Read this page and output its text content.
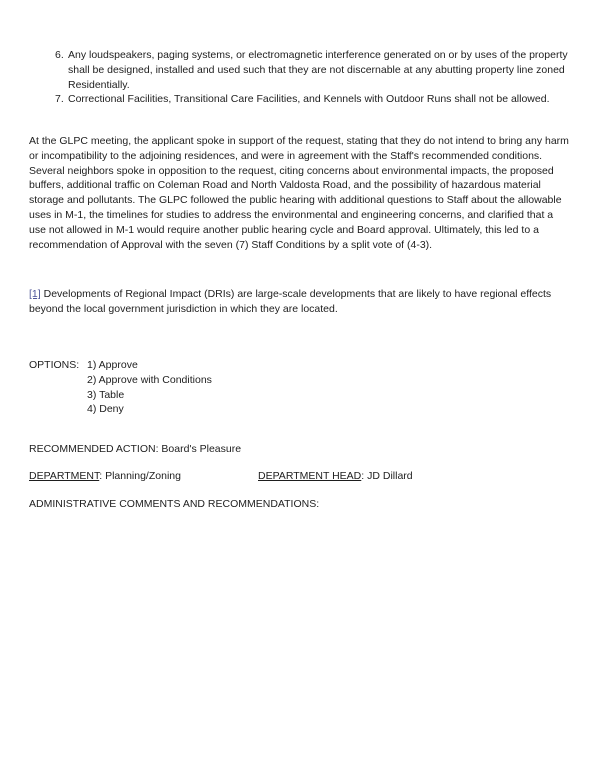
6. Any loudspeakers, paging systems, or electromagnetic interference generated on or by uses of the property shall be designed, installed and used such that they are not discernable at any abutting property line zoned Residentially.
7. Correctional Facilities, Transitional Care Facilities, and Kennels with Outdoor Runs shall not be allowed.
At the GLPC meeting, the applicant spoke in support of the request, stating that they do not intend to bring any harm or incompatibility to the adjoining residences, and were in agreement with the Staff's recommended conditions. Several neighbors spoke in opposition to the request, citing concerns about environmental impacts, the proposed buffers, additional traffic on Coleman Road and North Valdosta Road, and the possibility of hazardous material storage and pollutants. The GLPC followed the public hearing with additional questions to Staff about the allowable uses in M-1, the timelines for studies to address the environmental and engineering concerns, and clarified that a use not allowed in M-1 would require another public hearing cycle and Board approval. Ultimately, this led to a recommendation of Approval with the seven (7) Staff Conditions by a split vote of (4-3).
[1] Developments of Regional Impact (DRIs) are large-scale developments that are likely to have regional effects beyond the local government jurisdiction in which they are located.
OPTIONS: 1) Approve
2) Approve with Conditions
3) Table
4) Deny
RECOMMENDED ACTION: Board's Pleasure
DEPARTMENT: Planning/Zoning	DEPARTMENT HEAD: JD Dillard
ADMINISTRATIVE COMMENTS AND RECOMMENDATIONS:
